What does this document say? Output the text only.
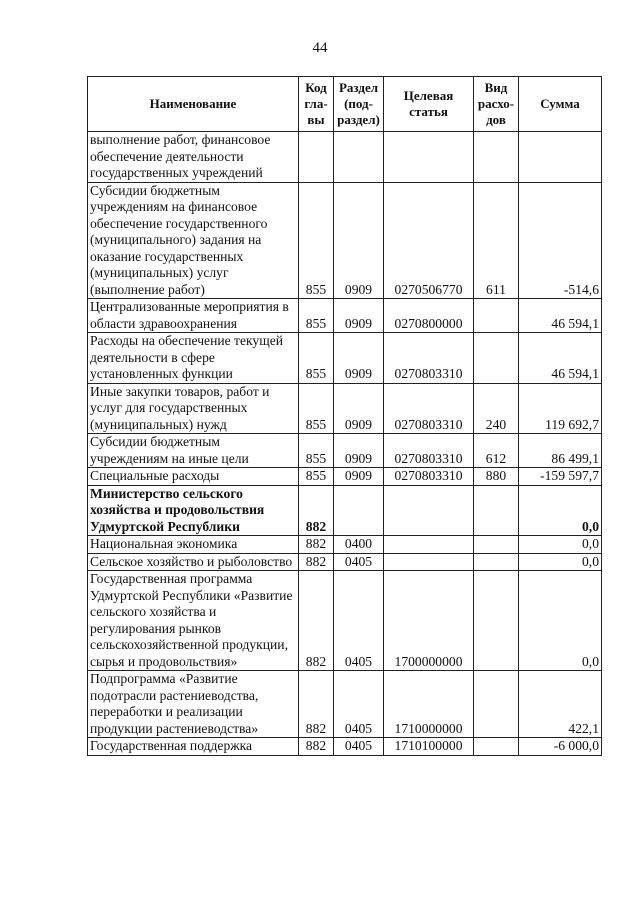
44
Наименование	Код гла-вы	Раздел (под-раздел)	Целевая статья	Вид расхо-дов	Сумма
выполнение работ, финансовое обеспечение деятельности государственных учреждений					
Субсидии бюджетным учреждениям на финансовое обеспечение государственного (муниципального) задания на оказание государственных (муниципальных) услуг (выполнение работ)	855	0909	0270506770	611	-514,6
Централизованные мероприятия в области здравоохранения	855	0909	0270800000		46 594,1
Расходы на обеспечение текущей деятельности в сфере установленных функции	855	0909	0270803310		46 594,1
Иные закупки товаров, работ и услуг для государственных (муниципальных) нужд	855	0909	0270803310	240	119 692,7
Субсидии бюджетным учреждениям на иные цели	855	0909	0270803310	612	86 499,1
Специальные расходы	855	0909	0270803310	880	-159 597,7
Министерство сельского хозяйства и продовольствия Удмуртской Республики	882				0,0
Национальная экономика	882	0400			0,0
Сельское хозяйство и рыболовство	882	0405			0,0
Государственная программа Удмуртской Республики «Развитие сельского хозяйства и регулирования рынков сельскохозяйственной продукции, сырья и продовольствия»	882	0405	1700000000		0,0
Подпрограмма «Развитие подотрасли растениеводства, переработки и реализации продукции растениеводства»	882	0405	1710000000		422,1
Государственная поддержка	882	0405	1710100000		-6 000,0
